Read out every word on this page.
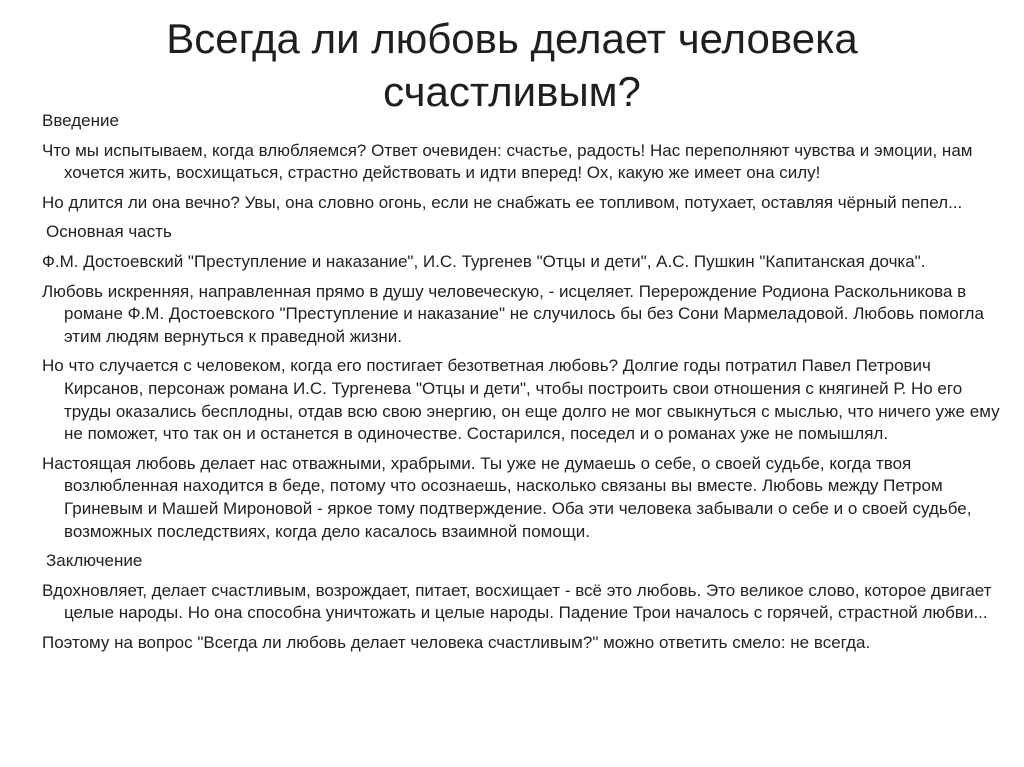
Всегда ли любовь делает человека
счастливым?

Введение

Что мы испытываем, когда влюбляемся? Ответ очевиден: счастье, радость! Нас переполняют чувства и эмоции, нам хочется жить, восхищаться, страстно действовать и идти вперед! Ох, какую же имеет она силу!

Но длится ли она вечно? Увы, она словно огонь, если не снабжать ее топливом, потухает, оставляя чёрный пепел...

Основная часть

Ф.М. Достоевский "Преступление и наказание", И.С. Тургенев "Отцы и дети", А.С. Пушкин "Капитанская дочка".

Любовь искренняя, направленная прямо в душу человеческую, - исцеляет. Перерождение Родиона Раскольникова в романе Ф.М. Достоевского "Преступление и наказание" не случилось бы без Сони Мармеладовой. Любовь помогла этим людям вернуться к праведной жизни.

Но что случается с человеком, когда его постигает безответная любовь? Долгие годы потратил Павел Петрович Кирсанов, персонаж романа И.С. Тургенева "Отцы и дети", чтобы построить свои отношения с княгиней Р. Но его труды оказались бесплодны, отдав всю свою энергию, он еще долго не мог свыкнуться с мыслью, что ничего уже ему не поможет, что так он и останется в одиночестве. Состарился, поседел и о романах уже не помышлял.

Настоящая любовь делает нас отважными, храбрыми. Ты уже не думаешь о себе, о своей судьбе, когда твоя возлюбленная находится в беде, потому что осознаешь, насколько связаны вы вместе. Любовь между Петром Гриневым и Машей Мироновой - яркое тому подтверждение. Оба эти человека забывали о себе и о своей судьбе, возможных последствиях, когда дело касалось взаимной помощи.

Заключение

Вдохновляет, делает счастливым, возрождает, питает, восхищает - всё это любовь. Это великое слово, которое двигает целые народы. Но она способна уничтожать и целые народы. Падение Трои началось с горячей, страстной любви...

Поэтому на вопрос "Всегда ли любовь делает человека счастливым?" можно ответить смело: не всегда.
